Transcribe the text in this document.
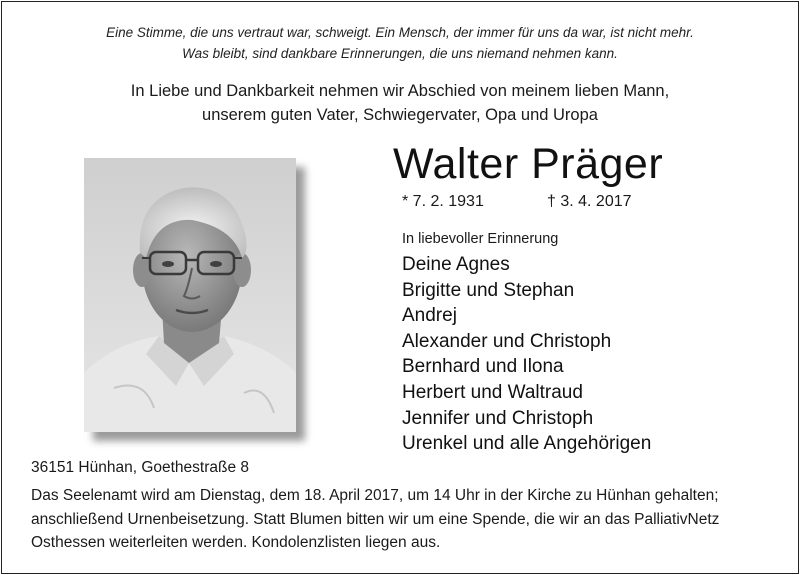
Eine Stimme, die uns vertraut war, schweigt. Ein Mensch, der immer für uns da war, ist nicht mehr.
Was bleibt, sind dankbare Erinnerungen, die uns niemand nehmen kann.
In Liebe und Dankbarkeit nehmen wir Abschied von meinem lieben Mann,
unserem guten Vater, Schwiegervater, Opa und Uropa
Walter Präger
* 7. 2. 1931	† 3. 4. 2017
In liebevoller Erinnerung
Deine Agnes
Brigitte und Stephan
Andrej
Alexander und Christoph
Bernhard und Ilona
Herbert und Waltraud
Jennifer und Christoph
Urenkel und alle Angehörigen
36151 Hünhan, Goethestraße 8
Das Seelenamt wird am Dienstag, dem 18. April 2017, um 14 Uhr in der Kirche zu Hünhan gehalten;
anschließend Urnenbeisetzung. Statt Blumen bitten wir um eine Spende, die wir an das PalliativNetz
Osthessen weiterleiten werden. Kondolenzlisten liegen aus.
